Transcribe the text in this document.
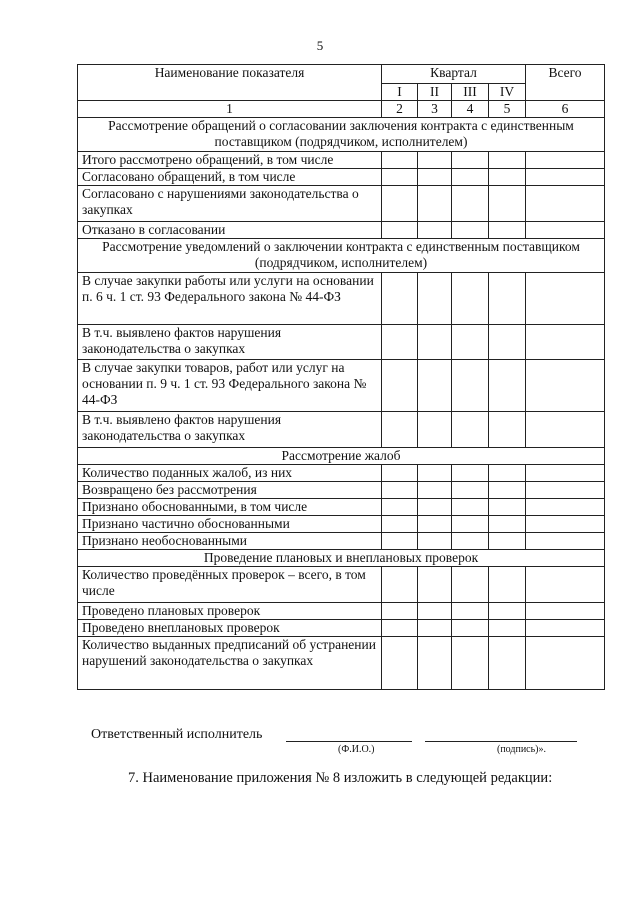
5
Наименование показателя	Квартал				Всего
	I	II	III	IV	
1	2	3	4	5	6
Рассмотрение обращений о согласовании заключения контракта с единственным поставщиком (подрядчиком, исполнителем)					
Итого рассмотрено обращений, в том числе					
Согласовано обращений, в том числе					
Согласовано с нарушениями законодательства о закупках					
Отказано в согласовании					
Рассмотрение уведомлений о заключении контракта с единственным поставщиком (подрядчиком, исполнителем)					
В случае закупки работы или услуги на основании п. 6 ч. 1 ст. 93 Федерального закона № 44-ФЗ					
В т.ч. выявлено фактов нарушения законодательства о закупках					
В случае закупки товаров, работ или услуг на основании п. 9 ч. 1 ст. 93 Федерального закона № 44-ФЗ					
В т.ч. выявлено фактов нарушения законодательства о закупках					
Рассмотрение жалоб					
Количество поданных жалоб, из них					
Возвращено без рассмотрения					
Признано обоснованными, в том числе					
Признано частично обоснованными					
Признано необоснованными					
Проведение плановых и внеплановых проверок					
Количество проведённых проверок – всего, в том числе					
Проведено плановых проверок					
Проведено внеплановых проверок					
Количество выданных предписаний об устранении нарушений законодательства о закупках					
Ответственный исполнитель
(Ф.И.О.)	(подпись)».
7. Наименование приложения № 8 изложить в следующей редакции:
